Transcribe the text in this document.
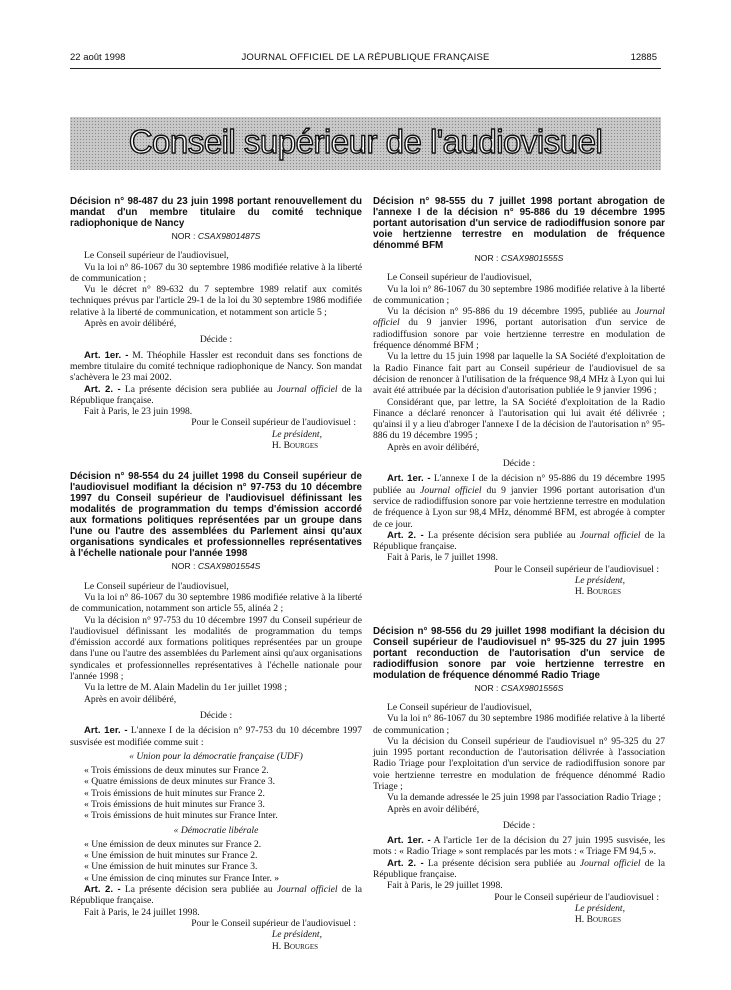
22 août 1998	JOURNAL OFFICIEL DE LA RÉPUBLIQUE FRANÇAISE	12885
Conseil supérieur de l'audiovisuel
Décision n° 98-487 du 23 juin 1998 portant renouvellement du mandat d'un membre titulaire du comité technique radiophonique de Nancy
NOR : CSAX9801487S

Le Conseil supérieur de l'audiovisuel,

Vu la loi n° 86-1067 du 30 septembre 1986 modifiée relative à la liberté de communication ;

Vu le décret n° 89-632 du 7 septembre 1989 relatif aux comités techniques prévus par l'article 29-1 de la loi du 30 septembre 1986 modifiée relative à la liberté de communication, et notamment son article 5 ;

Après en avoir délibéré,

Décide :

Art. 1er. - M. Théophile Hassler est reconduit dans ses fonctions de membre titulaire du comité technique radiophonique de Nancy. Son mandat s'achèvera le 23 mai 2002.

Art. 2. - La présente décision sera publiée au Journal officiel de la République française.

Fait à Paris, le 23 juin 1998.

Pour le Conseil supérieur de l'audiovisuel :

Le président,

H. Bourges

Décision n° 98-554 du 24 juillet 1998 du Conseil supérieur de l'audiovisuel modifiant la décision n° 97-753 du 10 décembre 1997 du Conseil supérieur de l'audiovisuel définissant les modalités de programmation du temps d'émission accordé aux formations politiques représentées par un groupe dans l'une ou l'autre des assemblées du Parlement ainsi qu'aux organisations syndicales et professionnelles représentatives à l'échelle nationale pour l'année 1998
NOR : CSAX9801554S

Le Conseil supérieur de l'audiovisuel,

Vu la loi n° 86-1067 du 30 septembre 1986 modifiée relative à la liberté de communication, notamment son article 55, alinéa 2 ;

Vu la décision n° 97-753 du 10 décembre 1997 du Conseil supérieur de l'audiovisuel définissant les modalités de programmation du temps d'émission accordé aux formations politiques représentées par un groupe dans l'une ou l'autre des assemblées du Parlement ainsi qu'aux organisations syndicales et professionnelles représentatives à l'échelle nationale pour l'année 1998 ;

Vu la lettre de M. Alain Madelin du 1er juillet 1998 ;

Après en avoir délibéré,

Décide :

Art. 1er. - L'annexe I de la décision n° 97-753 du 10 décembre 1997 susvisée est modifiée comme suit :

« Union pour la démocratie française (UDF)

« Trois émissions de deux minutes sur France 2.

« Quatre émissions de deux minutes sur France 3.

« Trois émissions de huit minutes sur France 2.

« Trois émissions de huit minutes sur France 3.

« Trois émissions de huit minutes sur France Inter.

« Démocratie libérale

« Une émission de deux minutes sur France 2.

« Une émission de huit minutes sur France 2.

« Une émission de huit minutes sur France 3.

« Une émission de cinq minutes sur France Inter. »

Art. 2. - La présente décision sera publiée au Journal officiel de la République française.

Fait à Paris, le 24 juillet 1998.

Pour le Conseil supérieur de l'audiovisuel :

Le président,

H. Bourges

Décision n° 98-555 du 7 juillet 1998 portant abrogation de l'annexe I de la décision n° 95-886 du 19 décembre 1995 portant autorisation d'un service de radiodiffusion sonore par voie hertzienne terrestre en modulation de fréquence dénommé BFM
NOR : CSAX9801555S

Le Conseil supérieur de l'audiovisuel,

Vu la loi n° 86-1067 du 30 septembre 1986 modifiée relative à la liberté de communication ;

Vu la décision n° 95-886 du 19 décembre 1995, publiée au Journal officiel du 9 janvier 1996, portant autorisation d'un service de radiodiffusion sonore par voie hertzienne terrestre en modulation de fréquence dénommé BFM ;

Vu la lettre du 15 juin 1998 par laquelle la SA Société d'exploitation de la Radio Finance fait part au Conseil supérieur de l'audiovisuel de sa décision de renoncer à l'utilisation de la fréquence 98,4 MHz à Lyon qui lui avait été attribuée par la décision d'autorisation publiée le 9 janvier 1996 ;

Considérant que, par lettre, la SA Société d'exploitation de la Radio Finance a déclaré renoncer à l'autorisation qui lui avait été délivrée ; qu'ainsi il y a lieu d'abroger l'annexe I de la décision de l'autorisation n° 95-886 du 19 décembre 1995 ;

Après en avoir délibéré,

Décide :

Art. 1er. - L'annexe I de la décision n° 95-886 du 19 décembre 1995 publiée au Journal officiel du 9 janvier 1996 portant autorisation d'un service de radiodiffusion sonore par voie hertzienne terrestre en modulation de fréquence à Lyon sur 98,4 MHz, dénommé BFM, est abrogée à compter de ce jour.

Art. 2. - La présente décision sera publiée au Journal officiel de la République française.

Fait à Paris, le 7 juillet 1998.

Pour le Conseil supérieur de l'audiovisuel :

Le président,

H. Bourges

Décision n° 98-556 du 29 juillet 1998 modifiant la décision du Conseil supérieur de l'audiovisuel n° 95-325 du 27 juin 1995 portant reconduction de l'autorisation d'un service de radiodiffusion sonore par voie hertzienne terrestre en modulation de fréquence dénommé Radio Triage
NOR : CSAX9801556S

Le Conseil supérieur de l'audiovisuel,

Vu la loi n° 86-1067 du 30 septembre 1986 modifiée relative à la liberté de communication ;

Vu la décision du Conseil supérieur de l'audiovisuel n° 95-325 du 27 juin 1995 portant reconduction de l'autorisation délivrée à l'association Radio Triage pour l'exploitation d'un service de radiodiffusion sonore par voie hertzienne terrestre en modulation de fréquence dénommé Radio Triage ;

Vu la demande adressée le 25 juin 1998 par l'association Radio Triage ;

Après en avoir délibéré,

Décide :

Art. 1er. - A l'article 1er de la décision du 27 juin 1995 susvisée, les mots : « Radio Triage » sont remplacés par les mots : « Triage FM 94,5 ».

Art. 2. - La présente décision sera publiée au Journal officiel de la République française.

Fait à Paris, le 29 juillet 1998.

Pour le Conseil supérieur de l'audiovisuel :

Le président,

H. Bourges
